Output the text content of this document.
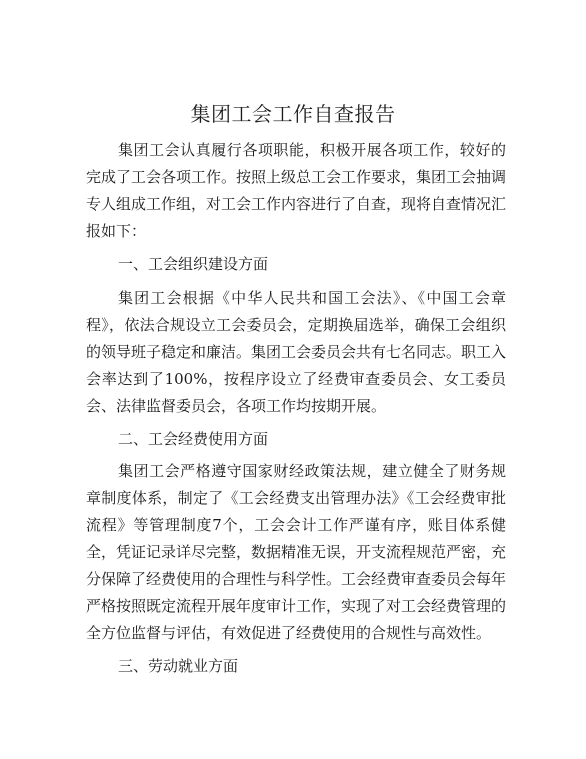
集团工会工作自查报告
集团工会认真履行各项职能，积极开展各项工作，较好的完成了工会各项工作。按照上级总工会工作要求，集团工会抽调专人组成工作组，对工会工作内容进行了自查，现将自查情况汇报如下：
一、工会组织建设方面
集团工会根据《中华人民共和国工会法》、《中国工会章程》，依法合规设立工会委员会，定期换届选举，确保工会组织的领导班子稳定和廉洁。集团工会委员会共有七名同志。职工入会率达到了100%，按程序设立了经费审查委员会、女工委员会、法律监督委员会，各项工作均按期开展。
二、工会经费使用方面
集团工会严格遵守国家财经政策法规，建立健全了财务规章制度体系，制定了《工会经费支出管理办法》《工会经费审批流程》等管理制度7个，工会会计工作严谨有序，账目体系健全，凭证记录详尽完整，数据精准无误，开支流程规范严密，充分保障了经费使用的合理性与科学性。工会经费审查委员会每年严格按照既定流程开展年度审计工作，实现了对工会经费管理的全方位监督与评估，有效促进了经费使用的合规性与高效性。
三、劳动就业方面
